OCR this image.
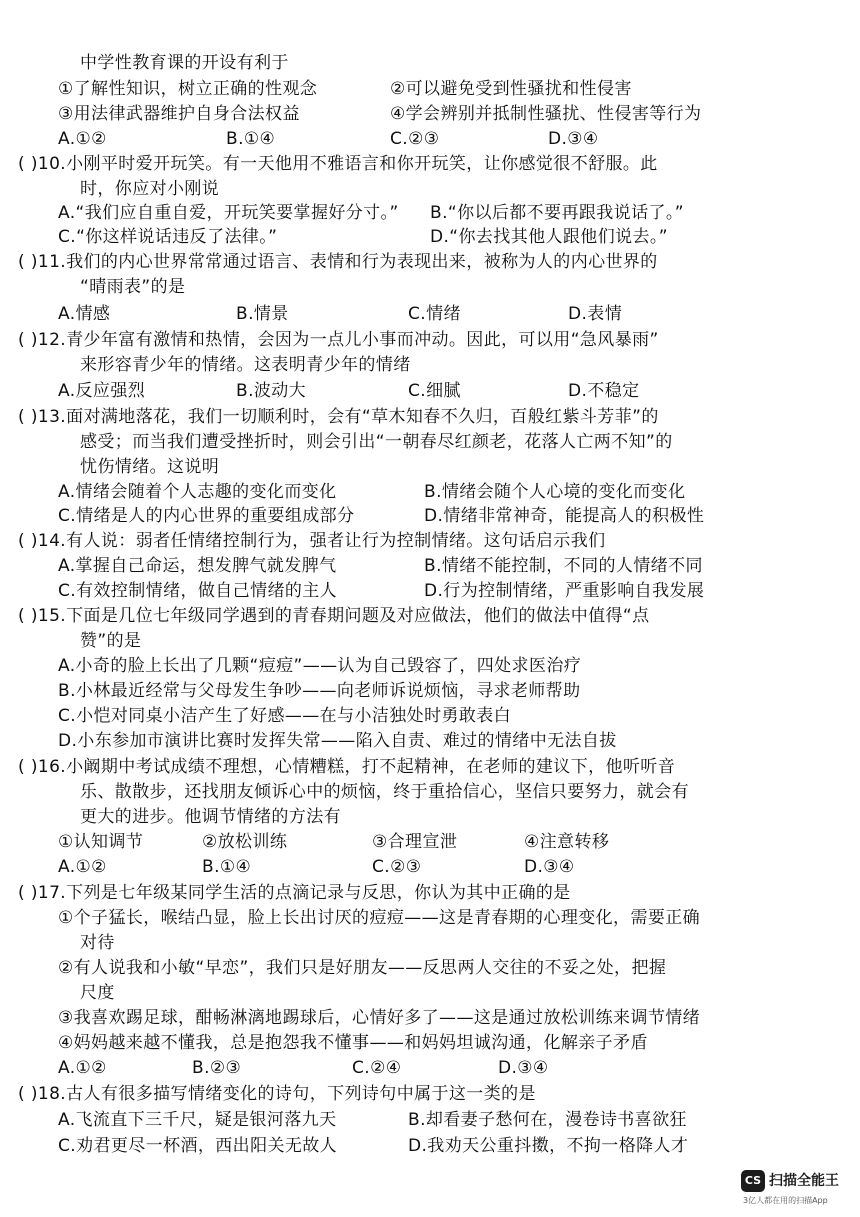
中学性教育课的开设有利于
①了解性知识，树立正确的性观念	②可以避免受到性骚扰和性侵害
③用法律武器维护自身合法权益	④学会辨别并抵制性骚扰、性侵害等行为
A.①②	B.①④	C.②③	D.③④
( )10.小刚平时爱开玩笑。有一天他用不雅语言和你开玩笑，让你感觉很不舒服。此
时，你应对小刚说
A.“我们应自重自爱，开玩笑要掌握好分寸。” B.“你以后都不要再跟我说话了。”
C.“你这样说话违反了法律。”	D.“你去找其他人跟他们说去。”
( )11.我们的内心世界常常通过语言、表情和行为表现出来，被称为人的内心世界的
“晴雨表”的是
A.情感	B.情景	C.情绪	D.表情
( )12.青少年富有激情和热情，会因为一点儿小事而冲动。因此，可以用“急风暴雨”
来形容青少年的情绪。这表明青少年的情绪
A.反应强烈	B.波动大	C.细腻	D.不稳定
( )13.面对满地落花，我们一切顺利时，会有“草木知春不久归，百般红紫斗芳菲”的
感受；而当我们遭受挫折时，则会引出“一朝春尽红颜老，花落人亡两不知”的
忧伤情绪。这说明
A.情绪会随着个人志趣的变化而变化	B.情绪会随个人心境的变化而变化
C.情绪是人的内心世界的重要组成部分	D.情绪非常神奇，能提高人的积极性
( )14.有人说：弱者任情绪控制行为，强者让行为控制情绪。这句话启示我们
A.掌握自己命运，想发脾气就发脾气	B.情绪不能控制，不同的人情绪不同
C.有效控制情绪，做自己情绪的主人	D.行为控制情绪，严重影响自我发展
( )15.下面是几位七年级同学遇到的青春期问题及对应做法，他们的做法中值得“点
赞”的是
A.小奇的脸上长出了几颗“痘痘”——认为自己毁容了，四处求医治疗
B.小林最近经常与父母发生争吵——向老师诉说烦恼，寻求老师帮助
C.小恺对同桌小洁产生了好感——在与小洁独处时勇敢表白
D.小东参加市演讲比赛时发挥失常——陷入自责、难过的情绪中无法自拔
( )16.小阚期中考试成绩不理想，心情糟糕，打不起精神，在老师的建议下，他听听音
乐、散散步，还找朋友倾诉心中的烦恼，终于重拾信心，坚信只要努力，就会有
更大的进步。他调节情绪的方法有
①认知调节	②放松训练	③合理宣泄	④注意转移
A.①②	B.①④	C.②③	D.③④
( )17.下列是七年级某同学生活的点滴记录与反思，你认为其中正确的是
①个子猛长，喉结凸显，脸上长出讨厌的痘痘——这是青春期的心理变化，需要正确
对待
②有人说我和小敏“早恋”，我们只是好朋友——反思两人交往的不妥之处，把握
尺度
③我喜欢踢足球，酣畅淋漓地踢球后，心情好多了——这是通过放松训练来调节情绪
④妈妈越来越不懂我，总是抱怨我不懂事——和妈妈坦诚沟通，化解亲子矛盾
A.①②	B.②③	C.②④	D.③④
( )18.古人有很多描写情绪变化的诗句，下列诗句中属于这一类的是
A.飞流直下三千尺，疑是银河落九天	B.却看妻子愁何在，漫卷诗书喜欲狂
C.劝君更尽一杯酒，西出阳关无故人	D.我劝天公重抖擞，不拘一格降人才
CS 扫描全能王
3亿人都在用的扫描App
